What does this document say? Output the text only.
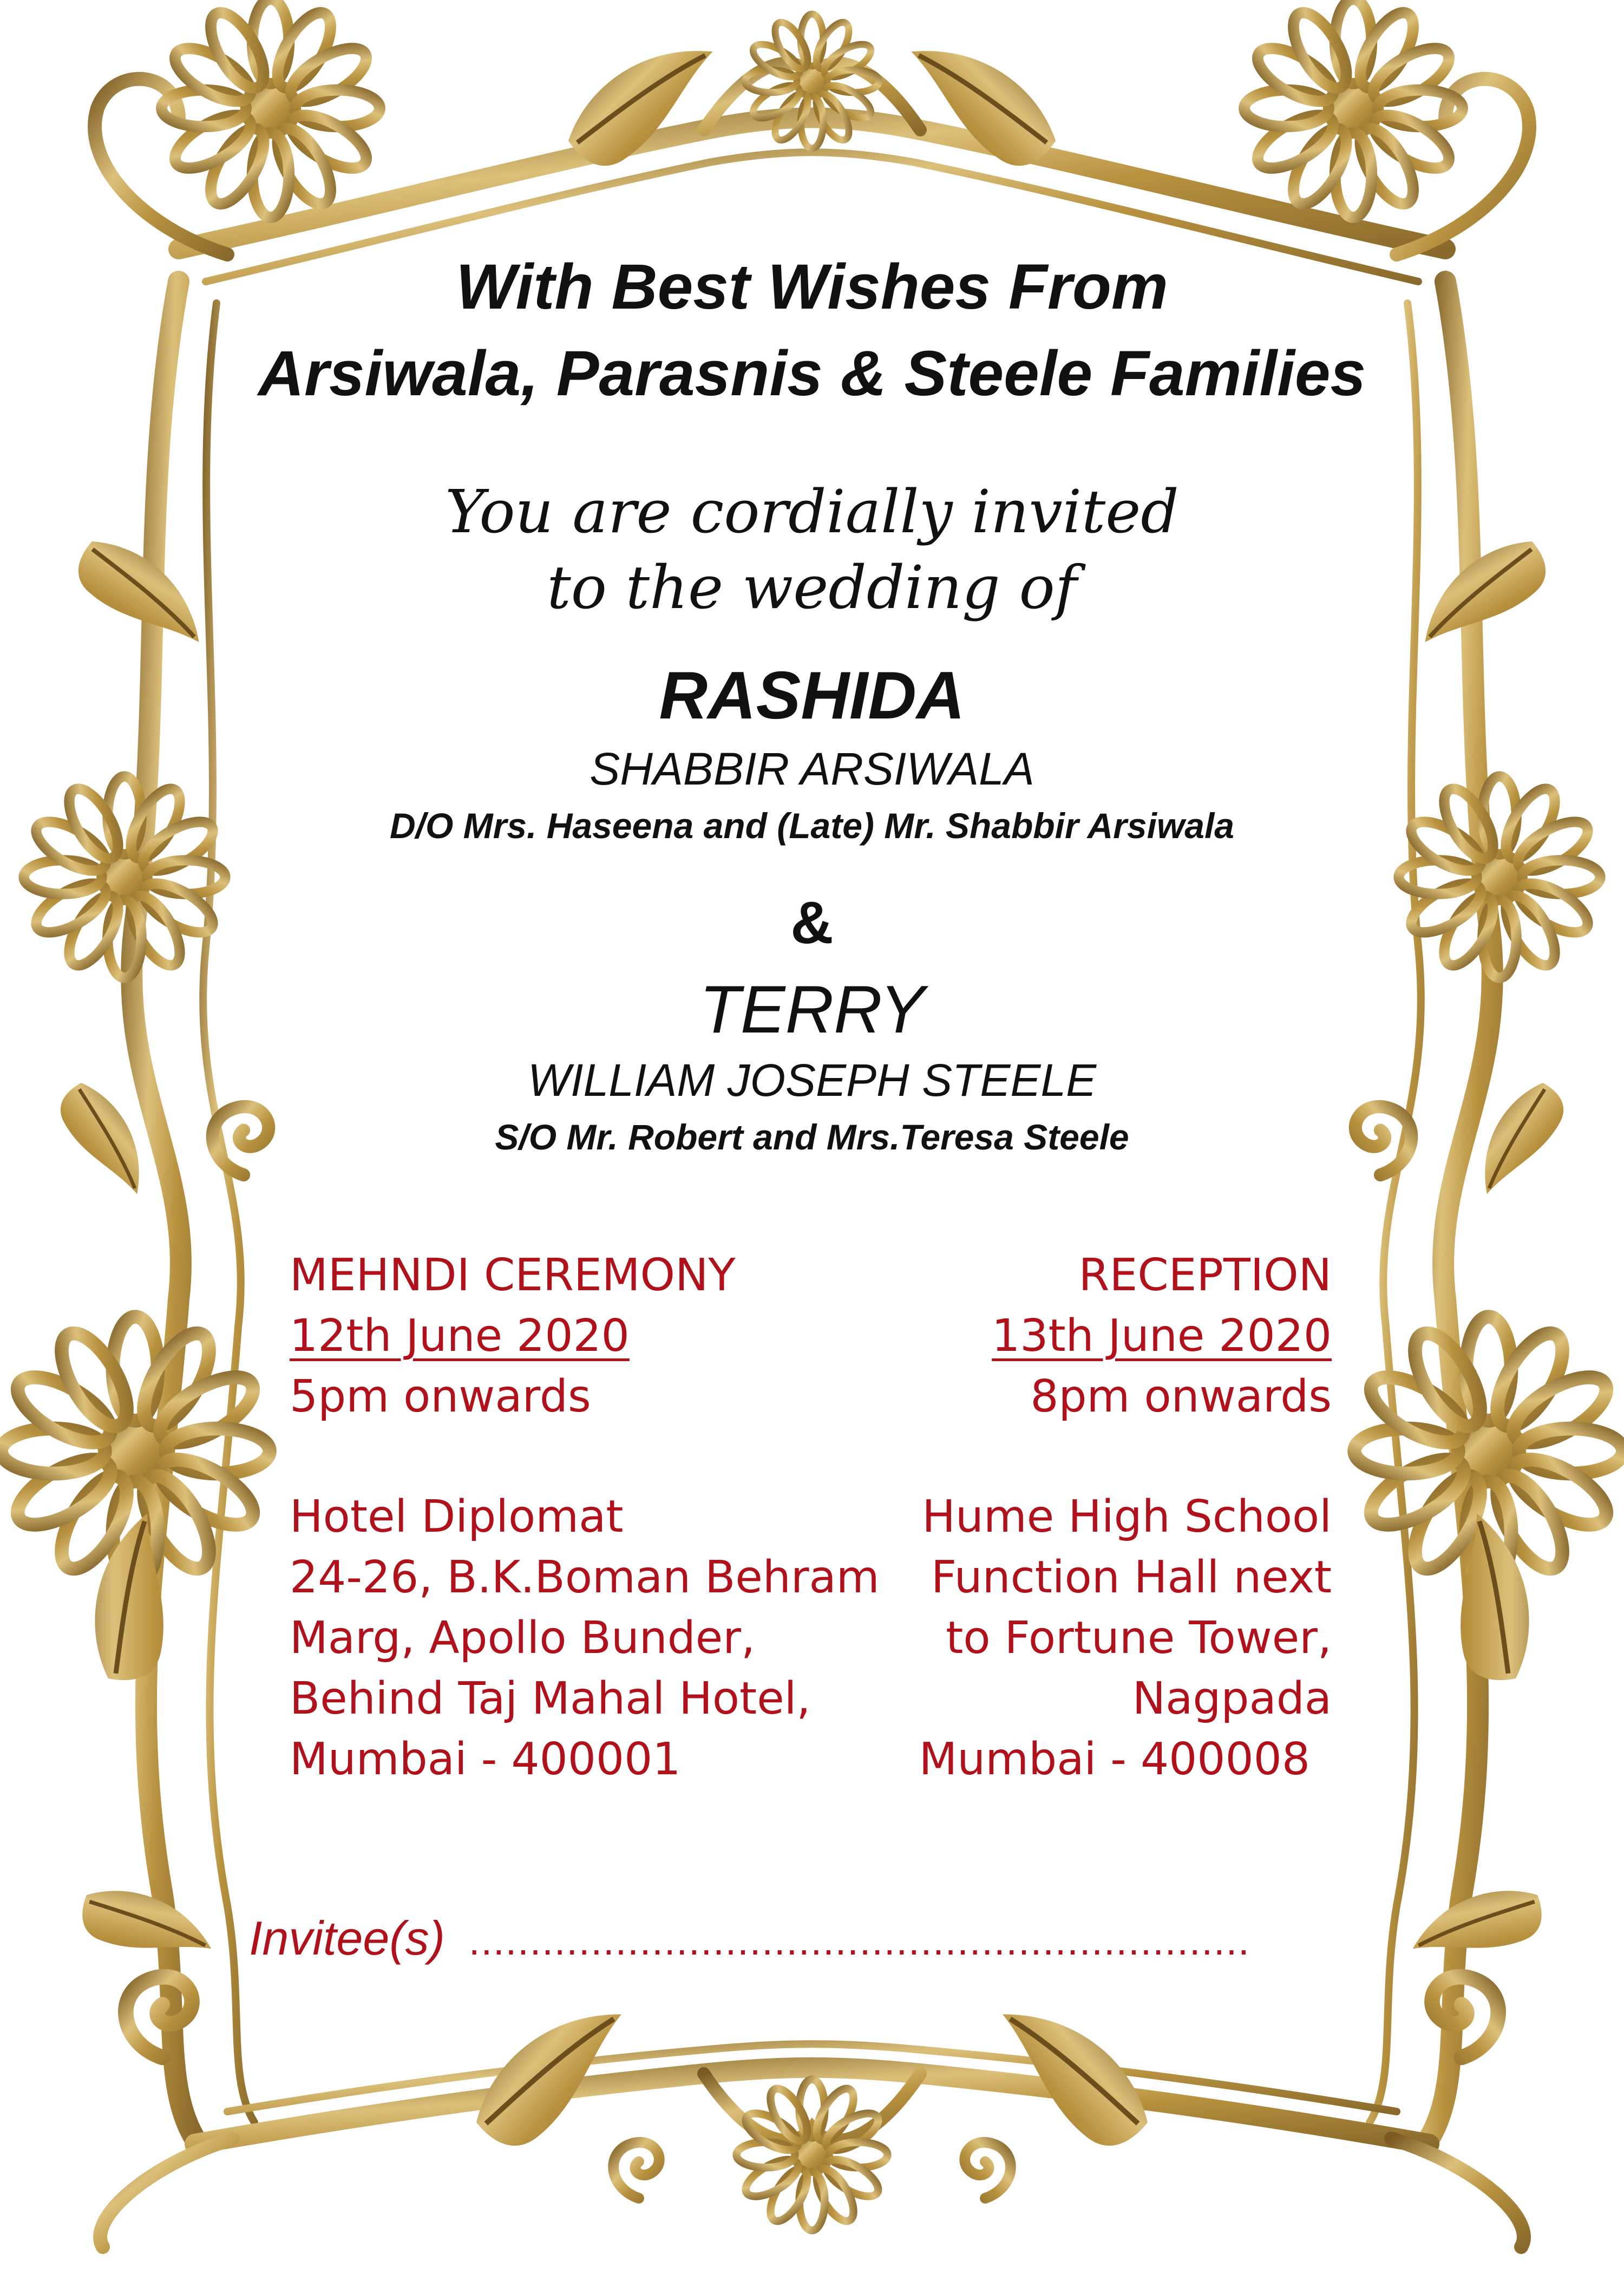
With Best Wishes From

Arsiwala, Parasnis & Steele Families

You are cordially invited

to the wedding of

RASHIDA

SHABBIR ARSIWALA

D/O Mrs. Haseena and (Late) Mr. Shabbir Arsiwala

&

TERRY

WILLIAM JOSEPH STEELE

S/O Mr. Robert and Mrs.Teresa Steele

MEHNDI CEREMONY
12th June 2020
5pm onwards
Hotel Diplomat
24-26, B.K.Boman Behram
Marg, Apollo Bunder,
Behind Taj Mahal Hotel,
Mumbai - 400001
RECEPTION
13th June 2020
8pm onwards
Hume High School
Function Hall next
to Fortune Tower,
Nagpada
Mumbai - 400008
Invitee(s) ................................................................
